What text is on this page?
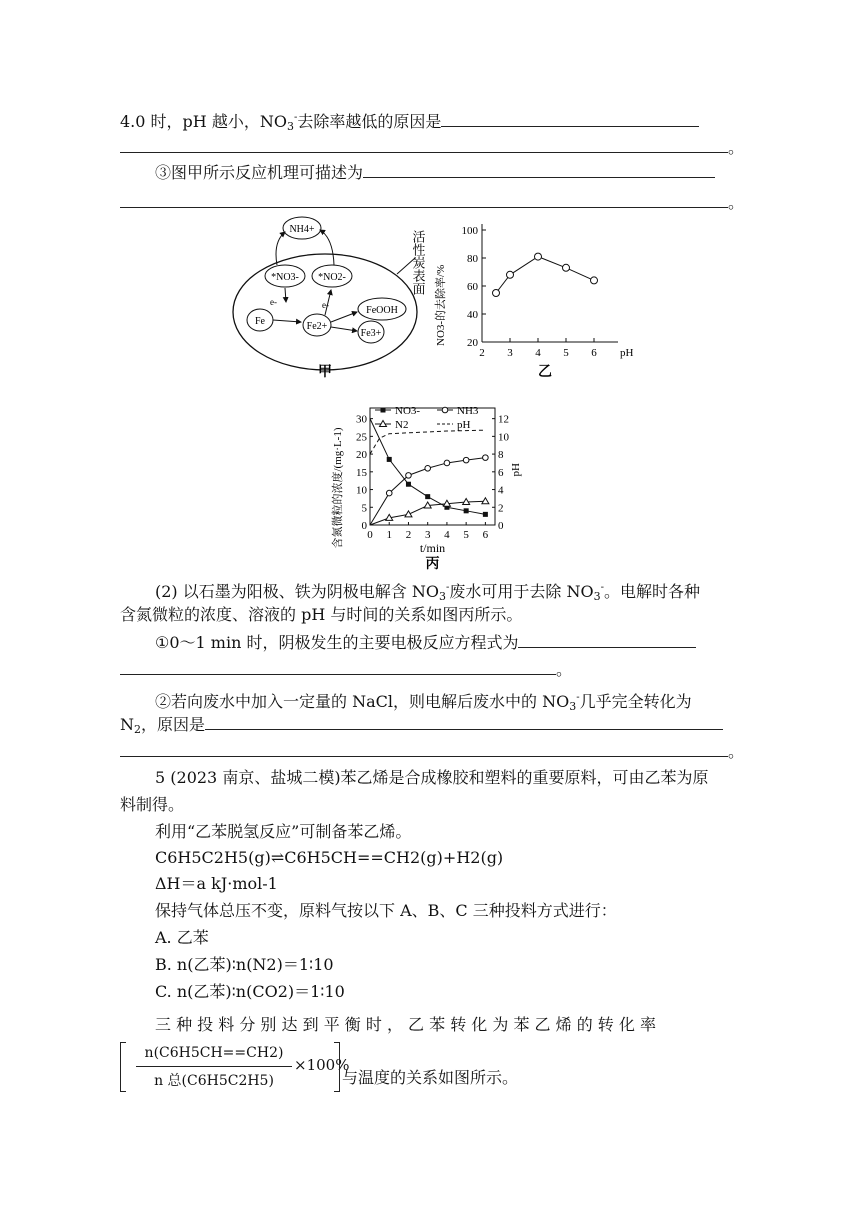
4.0 时，pH 越小，$NO_3^-$去除率越低的原因是
。
③图甲所示反应机理可描述为
。
NH4+
*NO3- *NO2-
Fe	Fe2+
FeOOH
Fe3+
e-	e-
活性炭表面
甲
20
40
60
80
100
2 3 4 5 6 pH
NO3-的去除率/%
乙
0
5
10
15
20
25
30
0
2
4
6
8
10
12
0 1 2 3 4 5 6
t/min
含氮微粒的浓度/(mg·L-1)	pH
NO3-	NH3
N2	pH
丙
(2) 以石墨为阳极、铁为阴极电解含 $NO_3^-$废水可用于去除 $NO_3^-$。电解时各种
含氮微粒的浓度、溶液的 pH 与时间的关系如图丙所示。
①0～1 min 时，阴极发生的主要电极反应方程式为
。
②若向废水中加入一定量的 NaCl，则电解后废水中的 $NO_3^-$几乎完全转化为
$N_2$，原因是
。
5 (2023 南京、盐城二模)苯乙烯是合成橡胶和塑料的重要原料，可由乙苯为原
料制得。
利用“乙苯脱氢反应”可制备苯乙烯。
C6H5C2H5(g)⇌C6H5CH==CH2(g)+H2(g)
ΔH＝a kJ·mol-1
保持气体总压不变，原料气按以下 A、B、C 三种投料方式进行：
A. 乙苯
B. n(乙苯)∶n(N2)＝1∶10
C. n(乙苯)∶n(CO2)＝1∶10
三 种 投 料 分 别 达 到 平 衡 时 ， 乙 苯 转 化 为 苯 乙 烯 的 转 化 率
n(C6H5CH==CH2)
n 总(C6H5C2H5)
×100%
与温度的关系如图所示。
